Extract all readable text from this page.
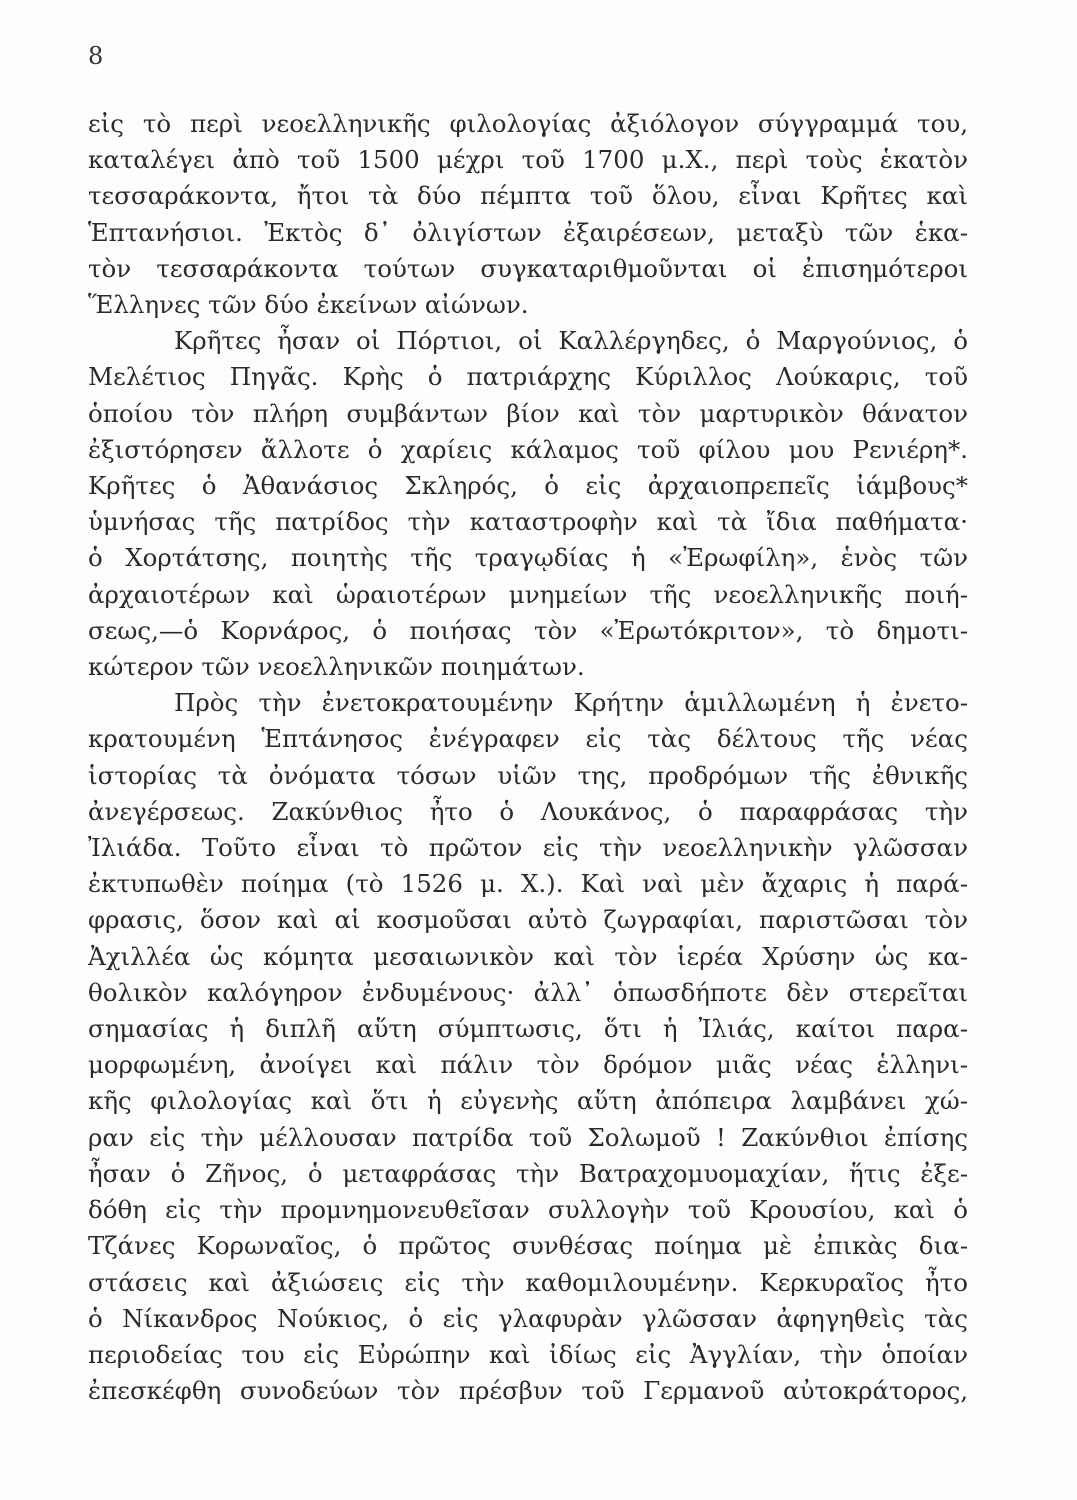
8
εἰς τὸ περὶ νεοελληνικῆς φιλολογίας ἀξιόλογον σύγγραμμά του,
καταλέγει ἀπὸ τοῦ 1500 μέχρι τοῦ 1700 μ.Χ., περὶ τοὺς ἑκατὸν
τεσσαράκοντα, ἤτοι τὰ δύο πέμπτα τοῦ ὅλου, εἶναι Κρῆτες καὶ
Ἑπτανήσιοι. Ἐκτὸς δ᾽ ὀλιγίστων ἐξαιρέσεων, μεταξὺ τῶν ἑκα-
τὸν τεσσαράκοντα τούτων συγκαταριθμοῦνται οἱ ἐπισημότεροι
Ἕλληνες τῶν δύο ἐκείνων αἰώνων.
Κρῆτες ἦσαν οἱ Πόρτιοι, οἱ Καλλέργηδες, ὁ Μαργούνιος, ὁ
Μελέτιος Πηγᾶς. Κρὴς ὁ πατριάρχης Κύριλλος Λούκαρις, τοῦ
ὁποίου τὸν πλήρη συμβάντων βίον καὶ τὸν μαρτυρικὸν θάνατον
ἐξιστόρησεν ἄλλοτε ὁ χαρίεις κάλαμος τοῦ φίλου μου Ρενιέρη*.
Κρῆτες ὁ Ἀθανάσιος Σκληρός, ὁ εἰς ἀρχαιοπρεπεῖς ἰάμβους*
ὑμνήσας τῆς πατρίδος τὴν καταστροφὴν καὶ τὰ ἴδια παθήματα·
ὁ Χορτάτσης, ποιητὴς τῆς τραγῳδίας ἡ «Ἐρωφίλη», ἑνὸς τῶν
ἀρχαιοτέρων καὶ ὡραιοτέρων μνημείων τῆς νεοελληνικῆς ποιή-
σεως,—ὁ Κορνάρος, ὁ ποιήσας τὸν «Ἐρωτόκριτον», τὸ δημοτι-
κώτερον τῶν νεοελληνικῶν ποιημάτων.
Πρὸς τὴν ἐνετοκρατουμένην Κρήτην ἁμιλλωμένη ἡ ἐνετο-
κρατουμένη Ἑπτάνησος ἐνέγραφεν εἰς τὰς δέλτους τῆς νέας
ἱστορίας τὰ ὀνόματα τόσων υἱῶν της, προδρόμων τῆς ἐθνικῆς
ἀνεγέρσεως. Ζακύνθιος ἦτο ὁ Λουκάνος, ὁ παραφράσας τὴν
Ἰλιάδα. Τοῦτο εἶναι τὸ πρῶτον εἰς τὴν νεοελληνικὴν γλῶσσαν
ἐκτυπωθὲν ποίημα (τὸ 1526 μ. Χ.). Καὶ ναὶ μὲν ἄχαρις ἡ παρά-
φρασις, ὅσον καὶ αἱ κοσμοῦσαι αὐτὸ ζωγραφίαι, παριστῶσαι τὸν
Ἀχιλλέα ὡς κόμητα μεσαιωνικὸν καὶ τὸν ἱερέα Χρύσην ὡς κα-
θολικὸν καλόγηρον ἐνδυμένους· ἀλλ᾽ ὁπωσδήποτε δὲν στερεῖται
σημασίας ἡ διπλῆ αὕτη σύμπτωσις, ὅτι ἡ Ἰλιάς, καίτοι παρα-
μορφωμένη, ἀνοίγει καὶ πάλιν τὸν δρόμον μιᾶς νέας ἑλληνι-
κῆς φιλολογίας καὶ ὅτι ἡ εὐγενὴς αὕτη ἀπόπειρα λαμβάνει χώ-
ραν εἰς τὴν μέλλουσαν πατρίδα τοῦ Σολωμοῦ ! Ζακύνθιοι ἐπίσης
ἦσαν ὁ Ζῆνος, ὁ μεταφράσας τὴν Βατραχομυομαχίαν, ἥτις ἐξε-
δόθη εἰς τὴν προμνημονευθεῖσαν συλλογὴν τοῦ Κρουσίου, καὶ ὁ
Τζάνες Κορωναῖος, ὁ πρῶτος συνθέσας ποίημα μὲ ἐπικὰς δια-
στάσεις καὶ ἀξιώσεις εἰς τὴν καθομιλουμένην. Κερκυραῖος ἦτο
ὁ Νίκανδρος Νούκιος, ὁ εἰς γλαφυρὰν γλῶσσαν ἀφηγηθεὶς τὰς
περιοδείας του εἰς Εὐρώπην καὶ ἰδίως εἰς Ἀγγλίαν, τὴν ὁποίαν
ἐπεσκέφθη συνοδεύων τὸν πρέσβυν τοῦ Γερμανοῦ αὐτοκράτορος,
